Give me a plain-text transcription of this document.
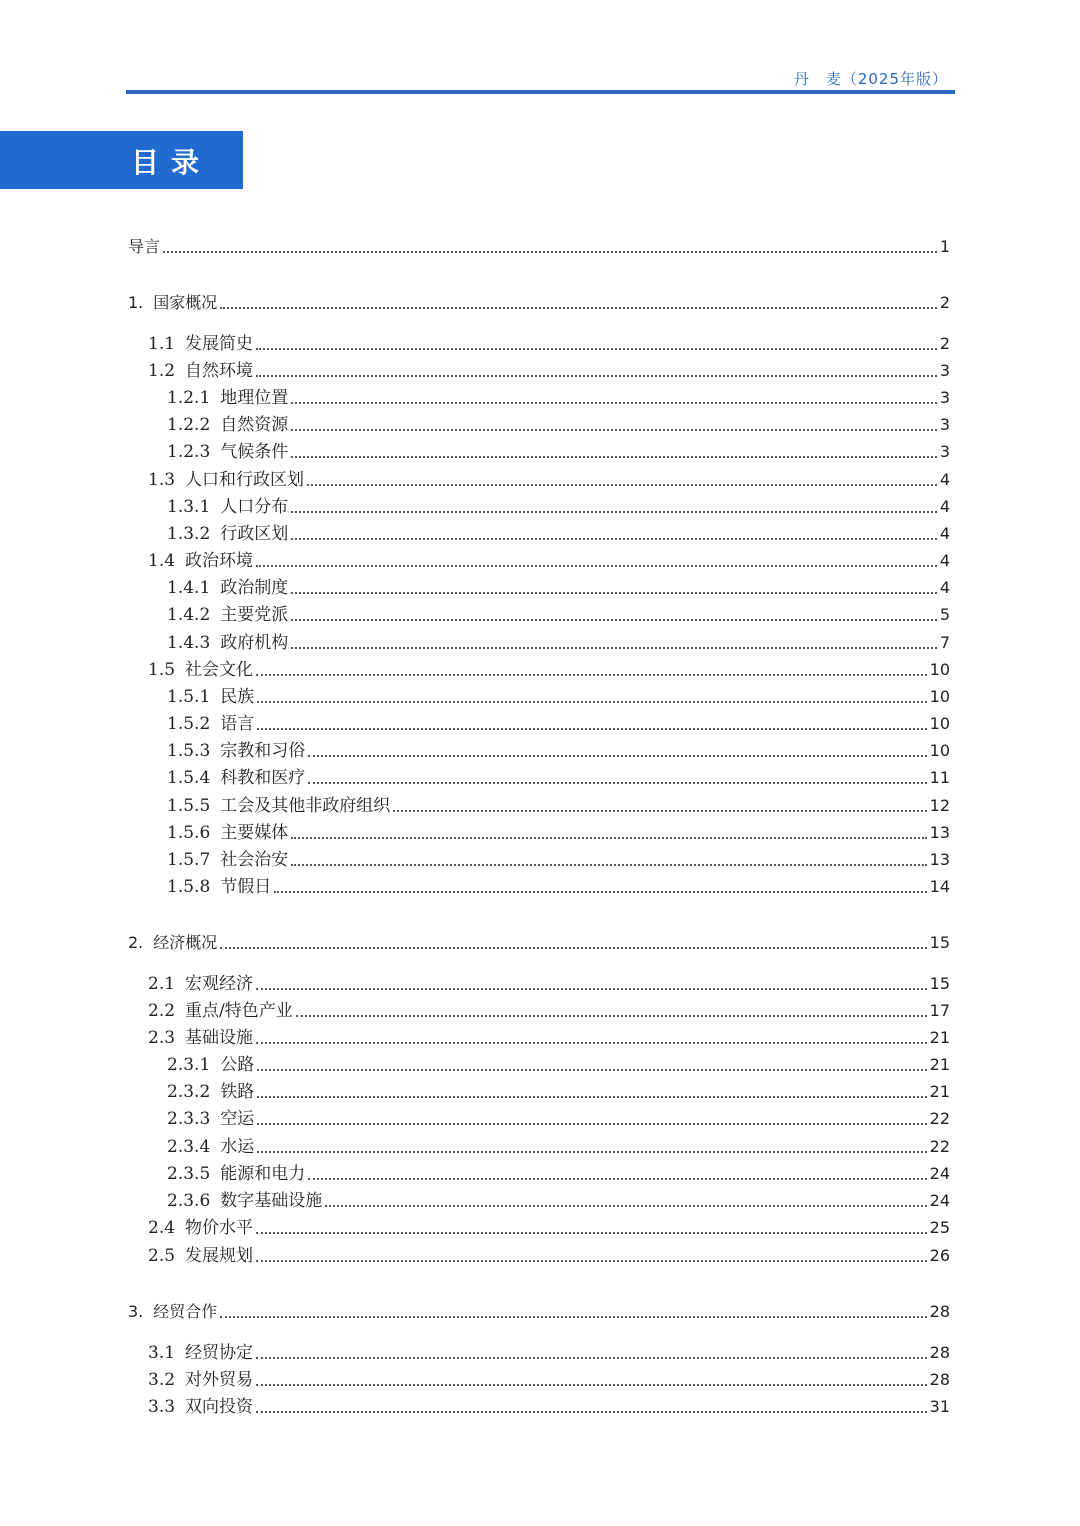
丹　麦（2025年版）
目录
导言	1
1. 国家概况	2
1.1 发展简史	2
1.2 自然环境	3
1.2.1 地理位置	3
1.2.2 自然资源	3
1.2.3 气候条件	3
1.3 人口和行政区划	4
1.3.1 人口分布	4
1.3.2 行政区划	4
1.4 政治环境	4
1.4.1 政治制度	4
1.4.2 主要党派	5
1.4.3 政府机构	7
1.5 社会文化	10
1.5.1 民族	10
1.5.2 语言	10
1.5.3 宗教和习俗	10
1.5.4 科教和医疗	11
1.5.5 工会及其他非政府组织	12
1.5.6 主要媒体	13
1.5.7 社会治安	13
1.5.8 节假日	14
2. 经济概况	15
2.1 宏观经济	15
2.2 重点/特色产业	17
2.3 基础设施	21
2.3.1 公路	21
2.3.2 铁路	21
2.3.3 空运	22
2.3.4 水运	22
2.3.5 能源和电力	24
2.3.6 数字基础设施	24
2.4 物价水平	25
2.5 发展规划	26
3. 经贸合作	28
3.1 经贸协定	28
3.2 对外贸易	28
3.3 双向投资	31
